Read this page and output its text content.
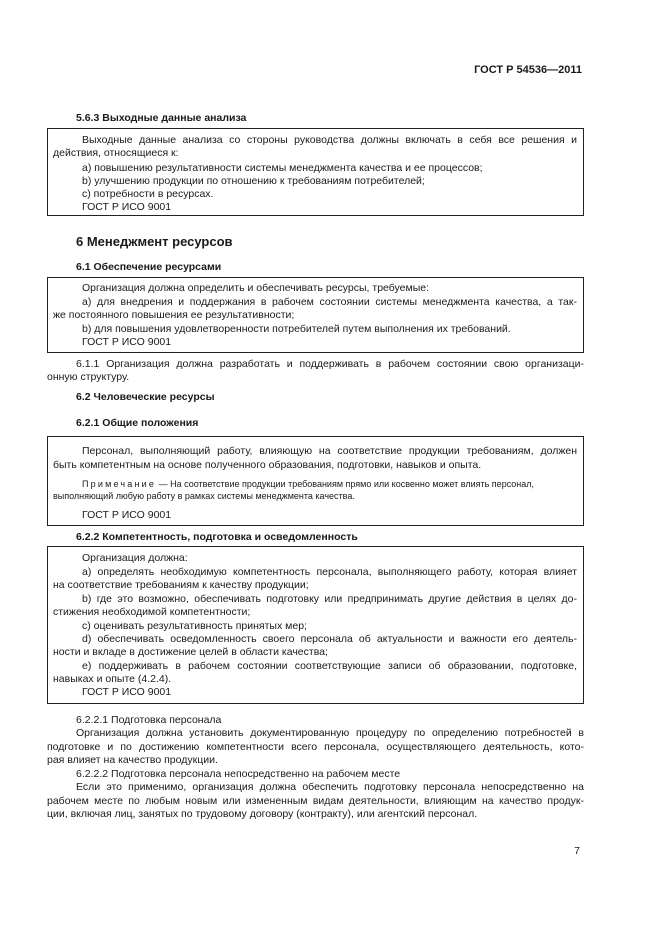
ГОСТ Р 54536—2011
5.6.3 Выходные данные анализа
Выходные данные анализа со стороны руководства должны включать в себя все решения и
действия, относящиеся к:
a) повышению результативности системы менеджмента качества и ее процессов;
b) улучшению продукции по отношению к требованиям потребителей;
c) потребности в ресурсах.
ГОСТ Р ИСО 9001
6 Менеджмент ресурсов
6.1 Обеспечение ресурсами
Организация должна определить и обеспечивать ресурсы, требуемые:
a) для внедрения и поддержания в рабочем состоянии системы менеджмента качества, а так-
же постоянного повышения ее результативности;
b) для повышения удовлетворенности потребителей путем выполнения их требований.
ГОСТ Р ИСО 9001
6.1.1 Организация должна разработать и поддерживать в рабочем состоянии свою организаци-
онную структуру.
6.2 Человеческие ресурсы
6.2.1 Общие положения
Персонал, выполняющий работу, влияющую на соответствие продукции требованиям, должен
быть компетентным на основе полученного образования, подготовки, навыков и опыта.
Примечание — На соответствие продукции требованиям прямо или косвенно может влиять персонал,
выполняющий любую работу в рамках системы менеджмента качества.
ГОСТ Р ИСО 9001
6.2.2 Компетентность, подготовка и осведомленность
Организация должна:
a) определять необходимую компетентность персонала, выполняющего работу, которая влияет
на соответствие требованиям к качеству продукции;
b) где это возможно, обеспечивать подготовку или предпринимать другие действия в целях до-
стижения необходимой компетентности;
c) оценивать результативность принятых мер;
d) обеспечивать осведомленность своего персонала об актуальности и важности его деятель-
ности и вкладе в достижение целей в области качества;
e) поддерживать в рабочем состоянии соответствующие записи об образовании, подготовке,
навыках и опыте (4.2.4).
ГОСТ Р ИСО 9001
6.2.2.1 Подготовка персонала
Организация должна установить документированную процедуру по определению потребностей в
подготовке и по достижению компетентности всего персонала, осуществляющего деятельность, кото-
рая влияет на качество продукции.
6.2.2.2 Подготовка персонала непосредственно на рабочем месте
Если это применимо, организация должна обеспечить подготовку персонала непосредственно на
рабочем месте по любым новым или измененным видам деятельности, влияющим на качество продук-
ции, включая лиц, занятых по трудовому договору (контракту), или агентский персонал.
7
